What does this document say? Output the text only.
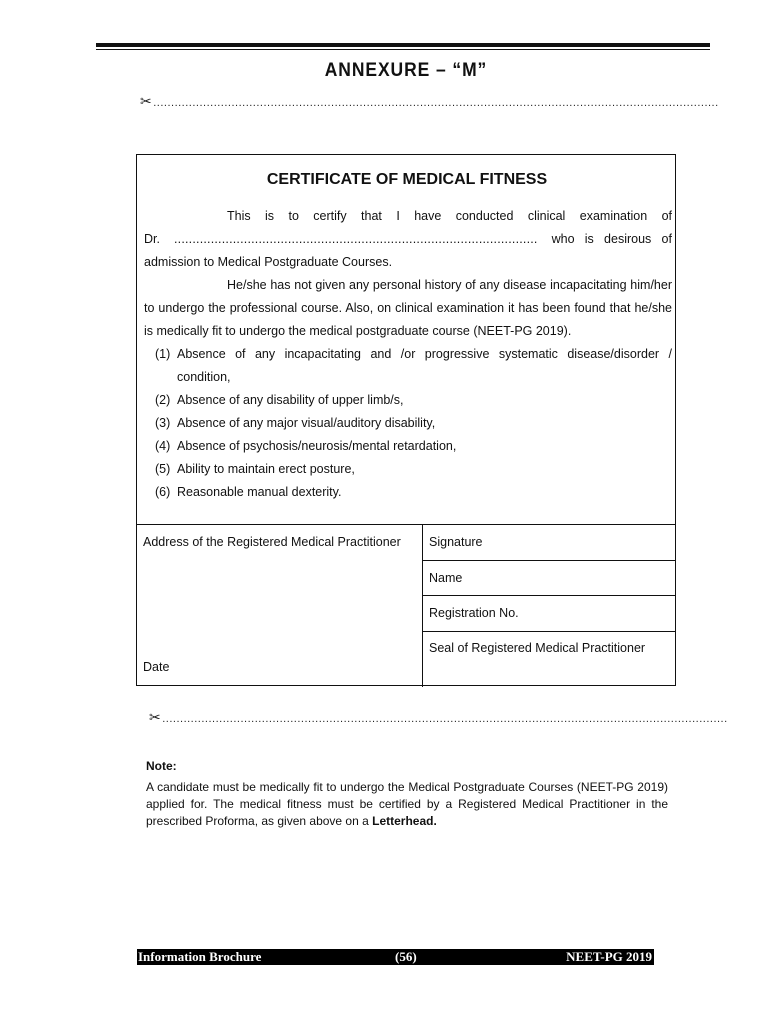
ANNEXURE – “M”
✂...............................................................................................................................................................
CERTIFICATE OF MEDICAL FITNESS
This is to certify that I have conducted clinical examination of
Dr. ................................................................................................... who is desirous of
admission to Medical Postgraduate Courses.
He/she has not given any personal history of any disease incapacitating him/her to undergo the professional course. Also, on clinical examination it has been found that he/she is medically fit to undergo the medical postgraduate course (NEET-PG 2019).
(1) Absence of any incapacitating and /or progressive systematic disease/disorder / condition,
(2) Absence of any disability of upper limb/s,
(3) Absence of any major visual/auditory disability,
(4) Absence of psychosis/neurosis/mental retardation,
(5) Ability to maintain erect posture,
(6) Reasonable manual dexterity.
Address of the Registered Medical Practitioner
Date
Signature
Name
Registration No.
Seal of Registered Medical Practitioner
✂...............................................................................................................................................................
Note:
A candidate must be medically fit to undergo the Medical Postgraduate Courses (NEET-PG 2019) applied for. The medical fitness must be certified by a Registered Medical Practitioner in the prescribed Proforma, as given above on a Letterhead.
Information Brochure	(56)	NEET-PG 2019
